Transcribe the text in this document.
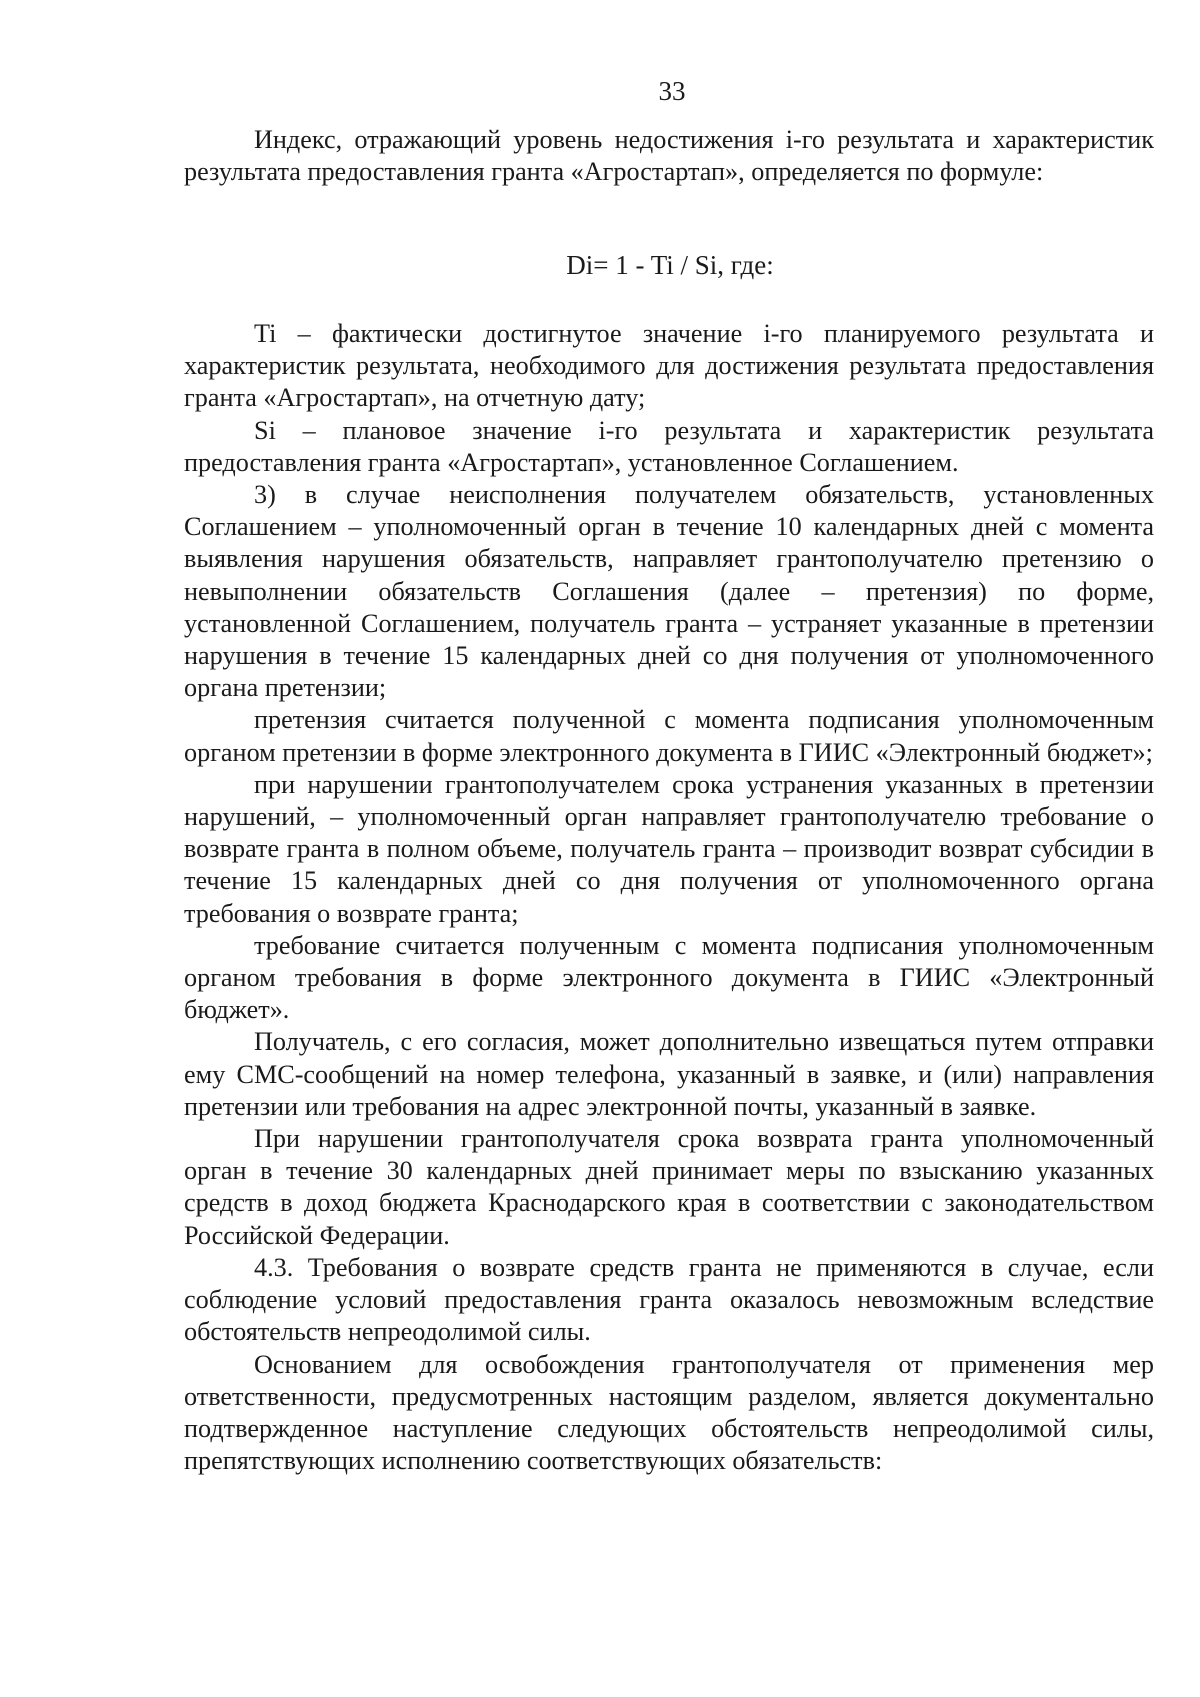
33

Индекс, отражающий уровень недостижения i-го результата и характеристик результата предоставления гранта «Агростартап», определяется по формуле:

Di= 1 - Ti / Si, где:

Ti – фактически достигнутое значение i-го планируемого результата и характеристик результата, необходимого для достижения результата предоставления гранта «Агростартап», на отчетную дату;

Si – плановое значение i-го результата и характеристик результата предоставления гранта «Агростартап», установленное Соглашением.

3) в случае неисполнения получателем обязательств, установленных Соглашением – уполномоченный орган в течение 10 календарных дней с момента выявления нарушения обязательств, направляет грантополучателю претензию о невыполнении обязательств Соглашения (далее – претензия) по форме, установленной Соглашением, получатель гранта – устраняет указанные в претензии нарушения в течение 15 календарных дней со дня получения от уполномоченного органа претензии;

претензия считается полученной с момента подписания уполномоченным органом претензии в форме электронного документа в ГИИС «Электронный бюджет»;

при нарушении грантополучателем срока устранения указанных в претензии нарушений, – уполномоченный орган направляет грантополучателю требование о возврате гранта в полном объеме, получатель гранта – производит возврат субсидии в течение 15 календарных дней со дня получения от уполномоченного органа требования о возврате гранта;

требование считается полученным с момента подписания уполномоченным органом требования в форме электронного документа в ГИИС «Электронный бюджет».

Получатель, с его согласия, может дополнительно извещаться путем отправки ему СМС-сообщений на номер телефона, указанный в заявке, и (или) направления претензии или требования на адрес электронной почты, указанный в заявке.

При нарушении грантополучателя срока возврата гранта уполномоченный орган в течение 30 календарных дней принимает меры по взысканию указанных средств в доход бюджета Краснодарского края в соответствии с законодательством Российской Федерации.

4.3. Требования о возврате средств гранта не применяются в случае, если соблюдение условий предоставления гранта оказалось невозможным вследствие обстоятельств непреодолимой силы.

Основанием для освобождения грантополучателя от применения мер ответственности, предусмотренных настоящим разделом, является документально подтвержденное наступление следующих обстоятельств непреодолимой силы, препятствующих исполнению соответствующих обязательств:
